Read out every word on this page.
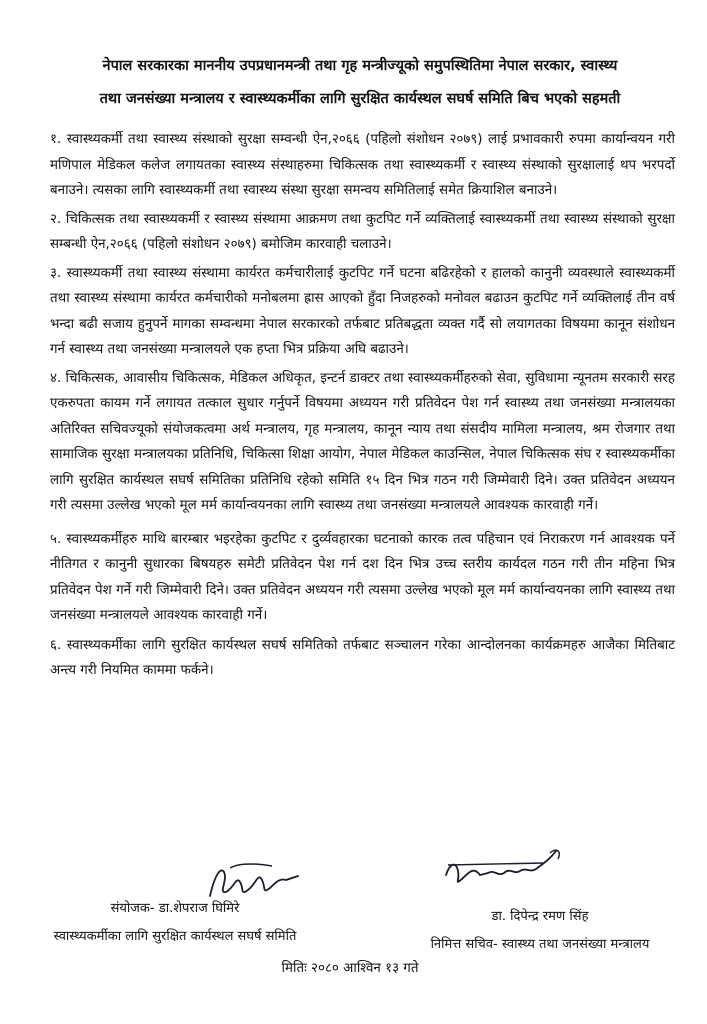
नेपाल सरकारका माननीय उपप्रधानमन्त्री तथा गृह मन्त्रीज्यूको समुपस्थितिमा नेपाल सरकार, स्वास्थ्य
तथा जनसंख्या मन्त्रालय र स्वास्थ्यकर्मीका लागि सुरक्षित कार्यस्थल सघर्ष समिति बिच भएको सहमती
१. स्वास्थ्यकर्मी तथा स्वास्थ्य संस्थाको सुरक्षा सम्वन्धी ऐन,२०६६ (पहिलो संशोधन २०७९) लाई प्रभावकारी रुपमा कार्यान्वयन गरी मणिपाल मेडिकल कलेज लगायतका स्वास्थ्य संस्थाहरुमा चिकित्सक तथा स्वास्थ्यकर्मी र स्वास्थ्य संस्थाको सुरक्षालाई थप भरपर्दो बनाउने। त्यसका लागि स्वास्थ्यकर्मी तथा स्वास्थ्य संस्था सुरक्षा समन्वय समितिलाई समेत क्रियाशिल बनाउने।
२. चिकित्सक तथा स्वास्थ्यकर्मी र स्वास्थ्य संस्थामा आक्रमण तथा कुटपिट गर्ने व्यक्तिलाई स्वास्थ्यकर्मी तथा स्वास्थ्य संस्थाको सुरक्षा सम्बन्धी ऐन,२०६६ (पहिलो संशोधन २०७९) बमोजिम कारवाही चलाउने।
३. स्वास्थ्यकर्मी तथा स्वास्थ्य संस्थामा कार्यरत कर्मचारीलाई कुटपिट गर्ने घटना बढिरहेको र हालको कानुनी व्यवस्थाले स्वास्थ्यकर्मी तथा स्वास्थ्य संस्थामा कार्यरत कर्मचारीको मनोबलमा ह्रास आएको हुँदा निजहरुको मनोवल बढाउन कुटपिट गर्ने व्यक्तिलाई तीन वर्ष भन्दा बढी सजाय हुनुपर्ने मागका सम्वन्धमा नेपाल सरकारको तर्फबाट प्रतिबद्धता व्यक्त गर्दै सो लयागतका विषयमा कानून संशोधन गर्न स्वास्थ्य तथा जनसंख्या मन्त्रालयले एक हप्ता भित्र प्रक्रिया अघि बढाउने।
४. चिकित्सक, आवासीय चिकित्सक, मेडिकल अधिकृत, इन्टर्न डाक्टर तथा स्वास्थ्यकर्मीहरुको सेवा, सुविधामा न्यूनतम सरकारी सरह एकरुपता कायम गर्ने लगायत तत्काल सुधार गर्नुपर्ने विषयमा अध्ययन गरी प्रतिवेदन पेश गर्न स्वास्थ्य तथा जनसंख्या मन्त्रालयका अतिरिक्त सचिवज्यूको संयोजकत्वमा अर्थ मन्त्रालय, गृह मन्त्रालय, कानून न्याय तथा संसदीय मामिला मन्त्रालय, श्रम रोजगार तथा सामाजिक सुरक्षा मन्त्रालयका प्रतिनिधि, चिकित्सा शिक्षा आयोग, नेपाल मेडिकल काउन्सिल, नेपाल चिकित्सक संघ र स्वास्थ्यकर्मीका लागि सुरक्षित कार्यस्थल सघर्ष समितिका प्रतिनिधि रहेको समिति १५ दिन भित्र गठन गरी जिम्मेवारी दिने। उक्त प्रतिवेदन अध्ययन गरी त्यसमा उल्लेख भएको मूल मर्म कार्यान्वयनका लागि स्वास्थ्य तथा जनसंख्या मन्त्रालयले आवश्यक कारवाही गर्ने।
५. स्वास्थ्यकर्मीहरु माथि बारम्बार भइरहेका कुटपिट र दुर्व्यवहारका घटनाको कारक तत्व पहिचान एवं निराकरण गर्न आवश्यक पर्ने नीतिगत र कानुनी सुधारका बिषयहरु समेटी प्रतिवेदन पेश गर्न दश दिन भित्र उच्च स्तरीय कार्यदल गठन गरी तीन महिना भित्र प्रतिवेदन पेश गर्ने गरी जिम्मेवारी दिने। उक्त प्रतिवेदन अध्ययन गरी त्यसमा उल्लेख भएको मूल मर्म कार्यान्वयनका लागि स्वास्थ्य तथा जनसंख्या मन्त्रालयले आवश्यक कारवाही गर्ने।
६. स्वास्थ्यकर्मीका लागि सुरक्षित कार्यस्थल सघर्ष समितिको तर्फबाट सञ्चालन गरेका आन्दोलनका कार्यक्रमहरु आजैका मितिबाट अन्त्य गरी नियमित काममा फर्कने।
संयोजक- डा.शेपराज घिमिरे
स्वास्थ्यकर्मीका लागि सुरक्षित कार्यस्थल सघर्ष समिति
डा. दिपेन्द्र रमण सिंह
निमित्त सचिव- स्वास्थ्य तथा जनसंख्या मन्त्रालय
मितिः २०८० आश्विन १३ गते
